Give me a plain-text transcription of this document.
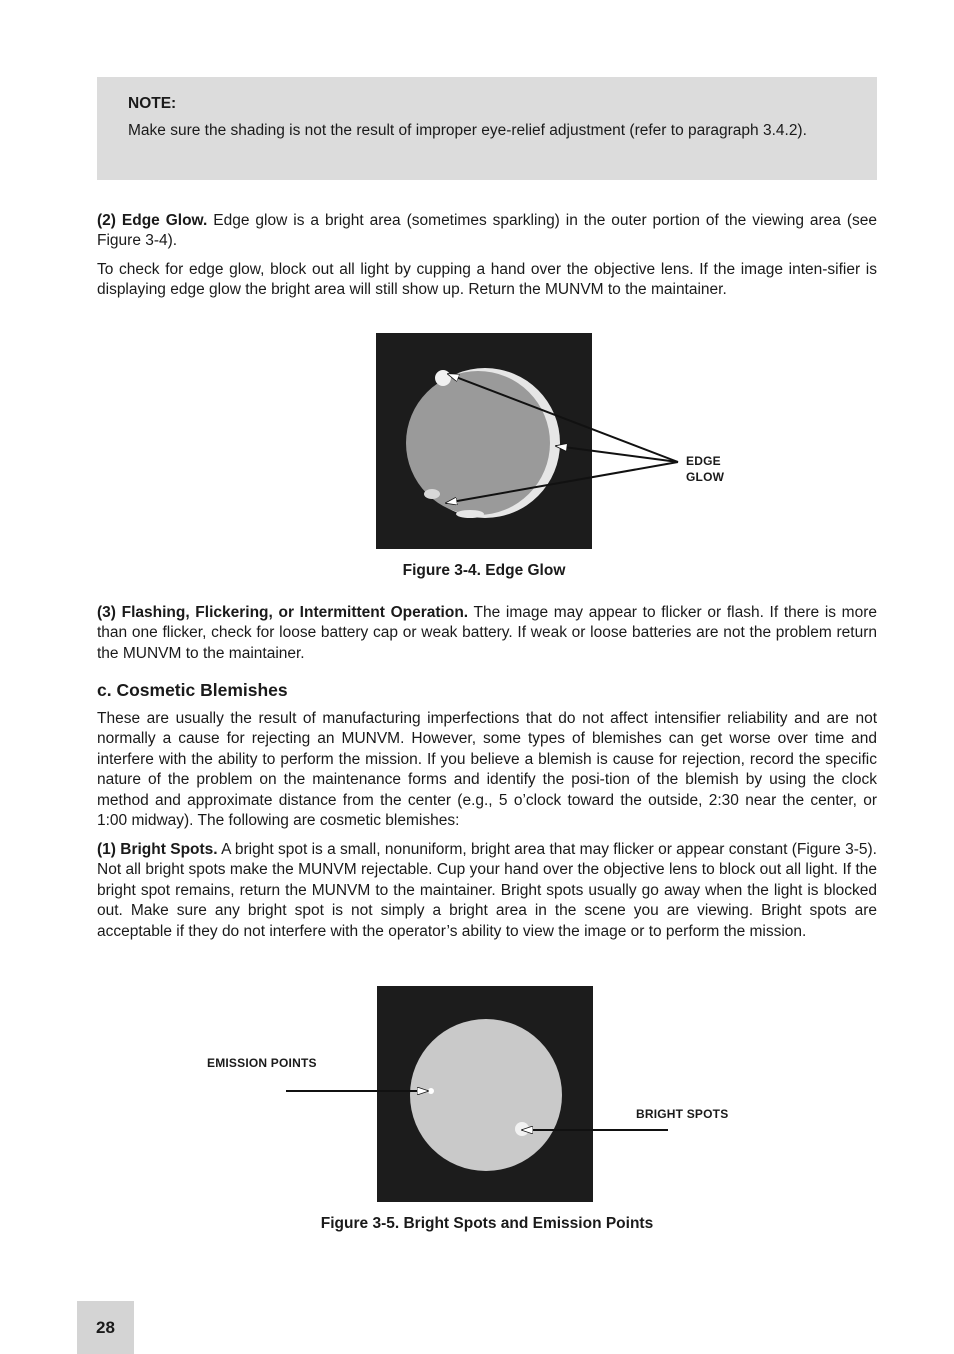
NOTE:

Make sure the shading is not the result of improper eye-relief adjustment (refer to paragraph 3.4.2).

(2) Edge Glow. Edge glow is a bright area (sometimes sparkling) in the outer portion of the viewing area (see Figure 3-4).

To check for edge glow, block out all light by cupping a hand over the objective lens. If the image inten-sifier is displaying edge glow the bright area will still show up. Return the MUNVM to the maintainer.

EDGE
GLOW

Figure 3-4. Edge Glow

(3) Flashing, Flickering, or Intermittent Operation. The image may appear to flicker or flash. If there is more than one flicker, check for loose battery cap or weak battery. If weak or loose batteries are not the problem return the MUNVM to the maintainer.

c. Cosmetic Blemishes

These are usually the result of manufacturing imperfections that do not affect intensifier reliability and are not normally a cause for rejecting an MUNVM. However, some types of blemishes can get worse over time and interfere with the ability to perform the mission. If you believe a blemish is cause for rejection, record the specific nature of the problem on the maintenance forms and identify the posi-tion of the blemish by using the clock method and approximate distance from the center (e.g., 5 o’clock toward the outside, 2:30 near the center, or 1:00 midway). The following are cosmetic blemishes:

(1) Bright Spots. A bright spot is a small, nonuniform, bright area that may flicker or appear constant (Figure 3-5). Not all bright spots make the MUNVM rejectable. Cup your hand over the objective lens to block out all light. If the bright spot remains, return the MUNVM to the maintainer. Bright spots usually go away when the light is blocked out. Make sure any bright spot is not simply a bright area in the scene you are viewing. Bright spots are acceptable if they do not interfere with the operator’s ability to view the image or to perform the mission.

EMISSION POINTS
BRIGHT SPOTS

Figure 3-5. Bright Spots and Emission Points

28
